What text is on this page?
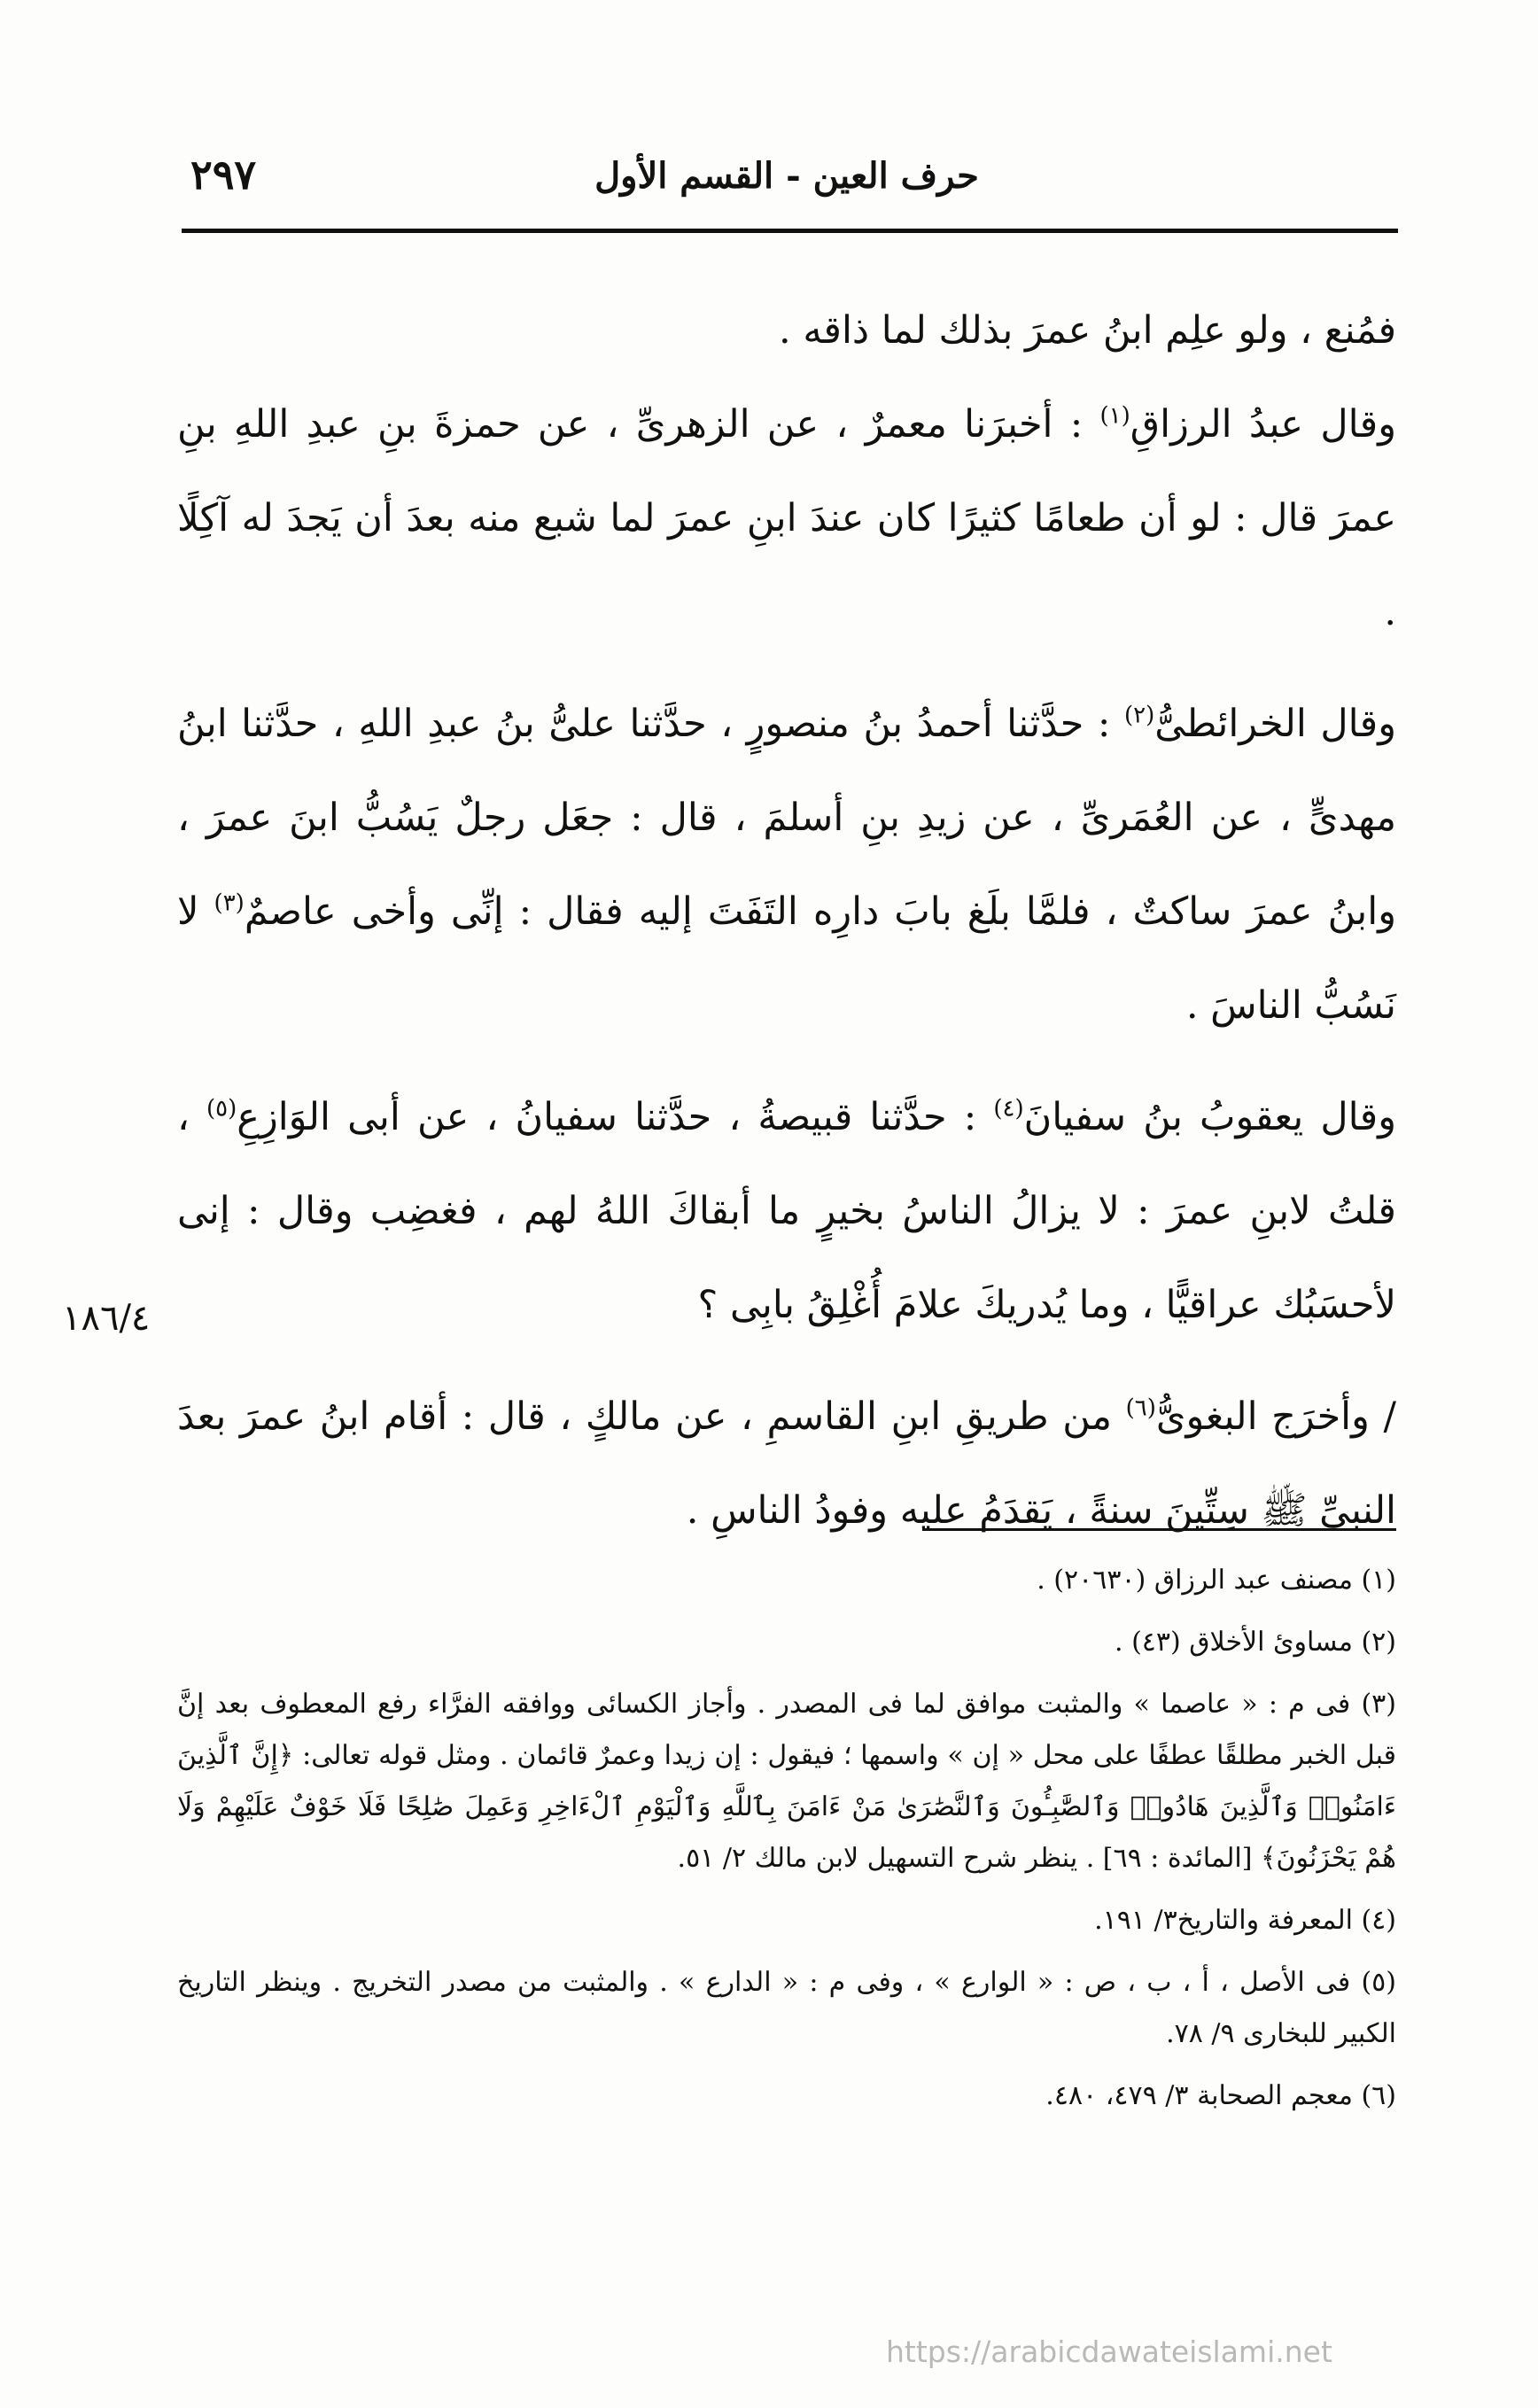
٢٩٧	حرف العين - القسم الأول

فمُنع ، ولو علِم ابنُ عمرَ بذلك لما ذاقه .

وقال عبدُ الرزاقِ$^{(١)}$ : أخبرَنا معمرٌ ، عن الزهرىِّ ، عن حمزةَ بنِ عبدِ اللهِ بنِ عمرَ قال : لو أن طعامًا كثيرًا كان عندَ ابنِ عمرَ لما شبع منه بعدَ أن يَجدَ له آكِلًا .

وقال الخرائطىُّ$^{(٢)}$ : حدَّثنا أحمدُ بنُ منصورٍ ، حدَّثنا علىُّ بنُ عبدِ اللهِ ، حدَّثنا ابنُ مهدىٍّ ، عن العُمَرىِّ ، عن زيدِ بنِ أسلمَ ، قال : جعَل رجلٌ يَسُبُّ ابنَ عمرَ ، وابنُ عمرَ ساكتٌ ، فلمَّا بلَغ بابَ دارِه التَفَتَ إليه فقال : إنِّى وأخى عاصمٌ$^{(٣)}$ لا نَسُبُّ الناسَ .

وقال يعقوبُ بنُ سفيانَ$^{(٤)}$ : حدَّثنا قبيصةُ ، حدَّثنا سفيانُ ، عن أبى الوَازِعِ$^{(٥)}$ ، قلتُ لابنِ عمرَ : لا يزالُ الناسُ بخيرٍ ما أبقاكَ اللهُ لهم ، فغضِب وقال : إنى لأحسَبُك عراقيًّا ، وما يُدريكَ علامَ أُغْلِقُ بابِى ؟

/ وأخرَج البغوىُّ$^{(٦)}$ من طريقِ ابنِ القاسمِ ، عن مالكٍ ، قال : أقام ابنُ عمرَ بعدَ النبىِّ ﷺ سِتِّينَ سنةً ، يَقدَمُ عليه وفودُ الناسِ .

١٨٦/٤

(١) مصنف عبد الرزاق (٢٠٦٣٠) .

(٢) مساوئ الأخلاق (٤٣) .

(٣) فى م : « عاصما » والمثبت موافق لما فى المصدر . وأجاز الكسائى ووافقه الفرَّاء رفع المعطوف بعد إنَّ قبل الخبر مطلقًا عطفًا على محل « إن » واسمها ؛ فيقول : إن زيدا وعمرٌ قائمان . ومثل قوله تعالى: ﴿إِنَّ ٱلَّذِينَ ءَامَنُوا۟ وَٱلَّذِينَ هَادُوا۟ وَٱلصَّٰبِـُٔونَ وَٱلنَّصَٰرَىٰ مَنْ ءَامَنَ بِٱللَّهِ وَٱلْيَوْمِ ٱلْءَاخِرِ وَعَمِلَ صَٰلِحًا فَلَا خَوْفٌ عَلَيْهِمْ وَلَا هُمْ يَحْزَنُونَ﴾ [المائدة : ٦٩] . ينظر شرح التسهيل لابن مالك ٢/ ٥١.

(٤) المعرفة والتاريخ٣/ ١٩١.

(٥) فى الأصل ، أ ، ب ، ص : « الوارع » ، وفى م : « الدارع » . والمثبت من مصدر التخريج . وينظر التاريخ الكبير للبخارى ٩/ ٧٨.

(٦) معجم الصحابة ٣/ ٤٧٩، ٤٨٠.

https://arabicdawateislami.net
